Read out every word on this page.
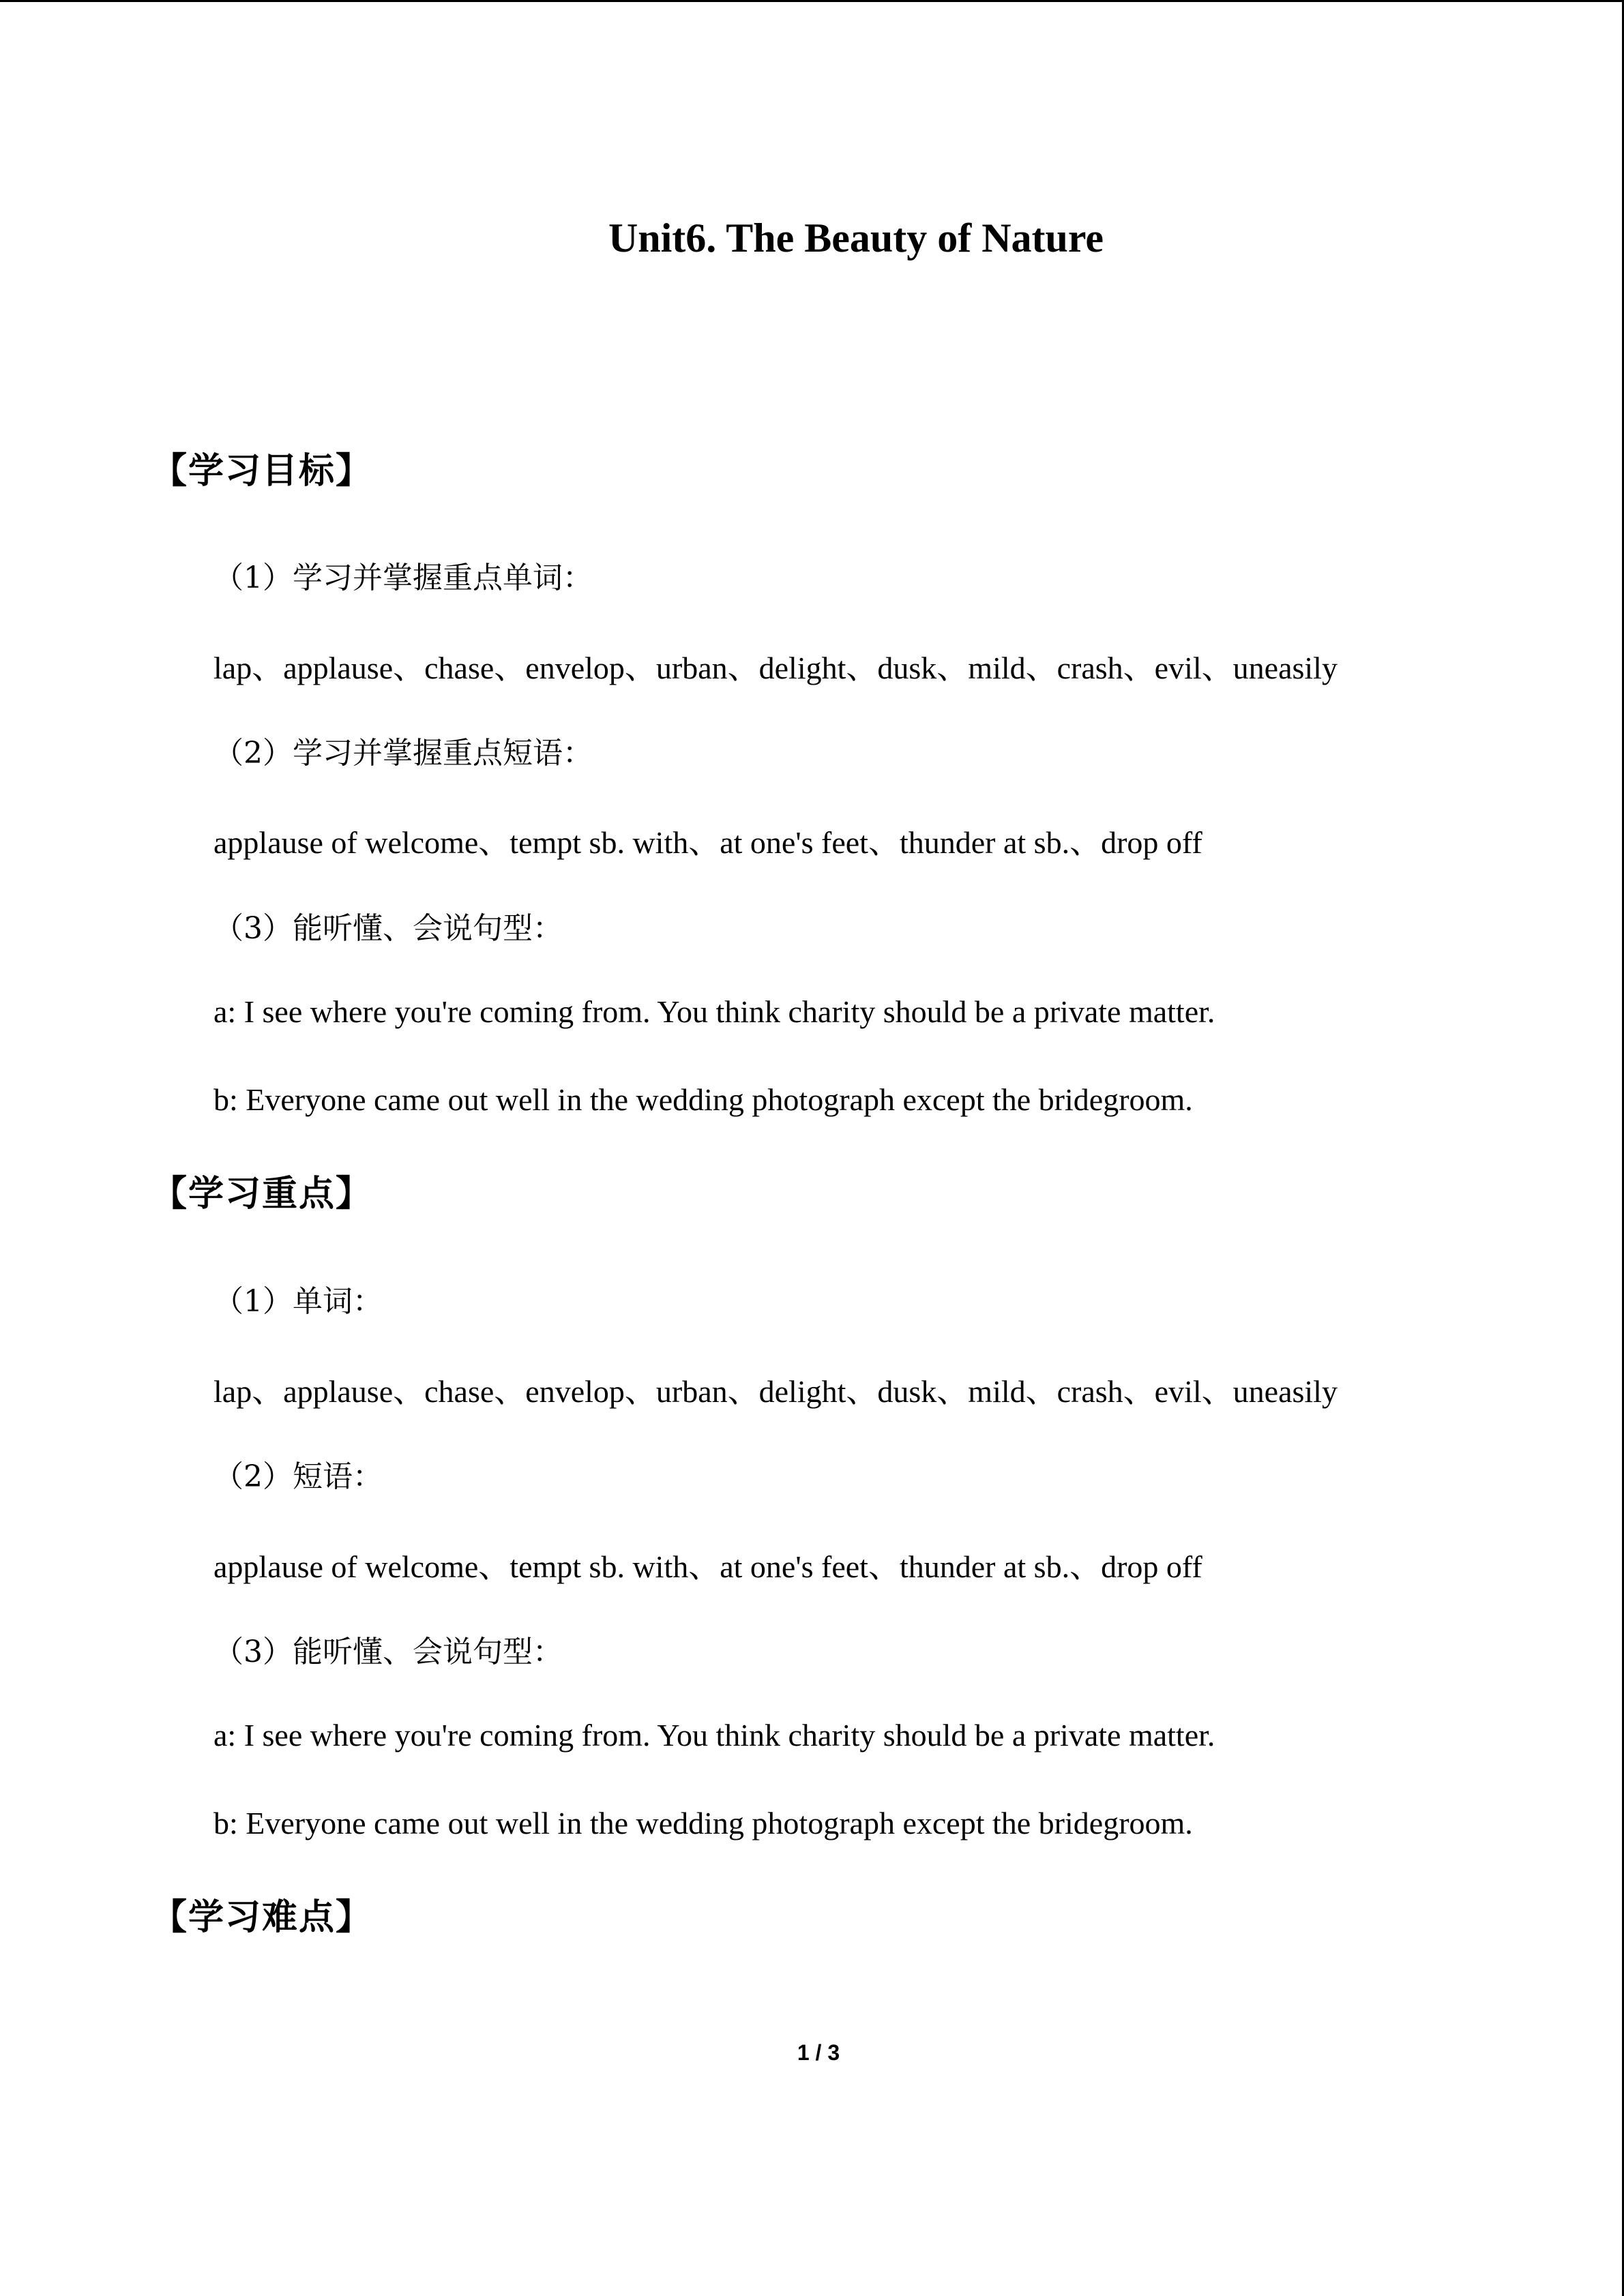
Unit6. The Beauty of Nature
【学习目标】
（1）学习并掌握重点单词：
lap、applause、chase、envelop、urban、delight、dusk、mild、crash、evil、uneasily
（2）学习并掌握重点短语：
applause of welcome、tempt sb. with、at one's feet、thunder at sb.、drop off
（3）能听懂、会说句型：
a: I see where you're coming from. You think charity should be a private matter.
b: Everyone came out well in the wedding photograph except the bridegroom.
【学习重点】
（1）单词：
lap、applause、chase、envelop、urban、delight、dusk、mild、crash、evil、uneasily
（2）短语：
applause of welcome、tempt sb. with、at one's feet、thunder at sb.、drop off
（3）能听懂、会说句型：
a: I see where you're coming from. You think charity should be a private matter.
b: Everyone came out well in the wedding photograph except the bridegroom.
【学习难点】
1 / 3
